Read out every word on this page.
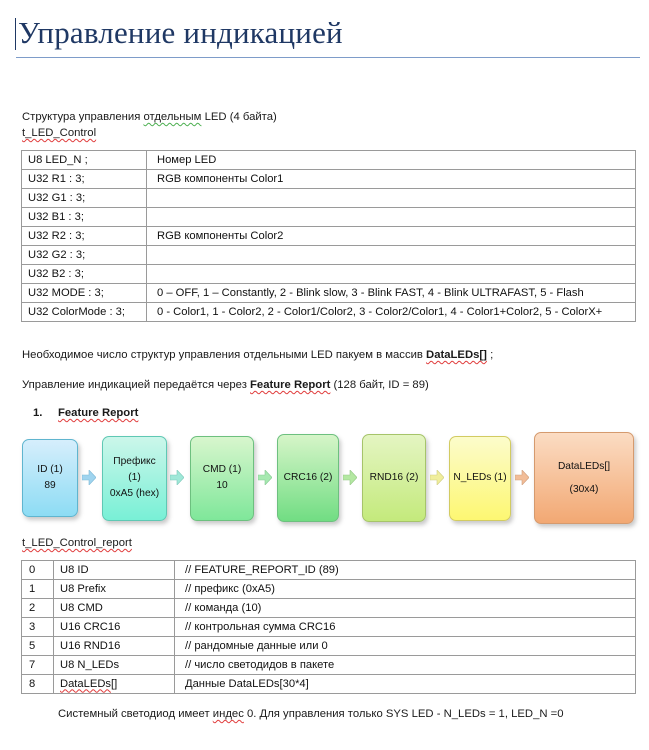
Управление индикацией
Структура управления отдельным LED (4 байта)
t_LED_Control
U8 LED_N ;	Номер LED
U32 R1 : 3;	RGB компоненты Color1
U32 G1 : 3;	
U32 B1 : 3;	
U32 R2 : 3;	RGB компоненты Color2
U32 G2 : 3;	
U32 B2 : 3;	
U32 MODE : 3;	0 – OFF, 1 – Constantly, 2 - Blink slow, 3 - Blink FAST, 4 - Blink ULTRAFAST, 5 - Flash
U32 ColorMode : 3;	0 - Color1, 1 - Color2, 2 - Color1/Color2, 3 - Color2/Color1, 4 - Color1+Color2, 5 - ColorX+
Необходимое число структур управления отдельными LED пакуем в массив DataLEDs[] ;
Управление индикацией передаётся через Feature Report (128 байт, ID = 89)
1. Feature Report
ID (1)
89
Префикс
(1)
0xA5 (hex)
CMD (1)
10
CRC16 (2)	RND16 (2)	N_LEDs (1)
DataLEDs[]
(30x4)
t_LED_Control_report
0	U8 ID	// FEATURE_REPORT_ID (89)
1	U8 Prefix	// префикс (0xA5)
2	U8 CMD	// команда (10)
3	U16 CRC16	// контрольная сумма CRC16
5	U16 RND16	// рандомные данные или 0
7	U8 N_LEDs	// число светодидов в пакете
8	DataLEDs[]	Данные DataLEDs[30*4]
Системный светодиод имеет индес 0. Для управления только SYS LED - N_LEDs = 1, LED_N =0
